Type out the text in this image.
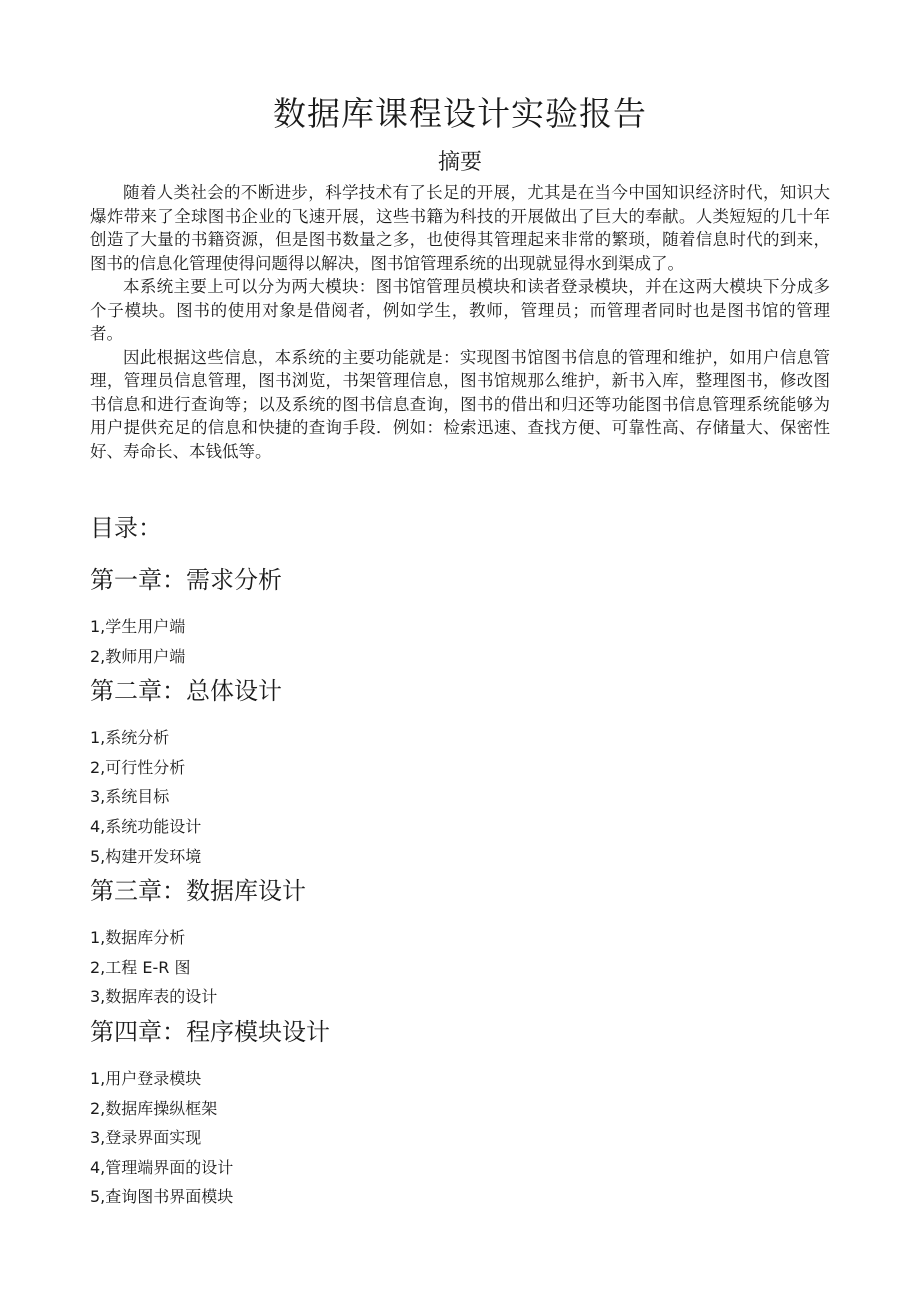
数据库课程设计实验报告
摘要

随着人类社会的不断进步，科学技术有了长足的开展，尤其是在当今中国知识经济时代，知识大爆炸带来了全球图书企业的飞速开展，这些书籍为科技的开展做出了巨大的奉献。人类短短的几十年创造了大量的书籍资源，但是图书数量之多，也使得其管理起来非常的繁琐，随着信息时代的到来，图书的信息化管理使得问题得以解决，图书馆管理系统的出现就显得水到渠成了。

本系统主要上可以分为两大模块：图书馆管理员模块和读者登录模块，并在这两大模块下分成多个子模块。图书的使用对象是借阅者，例如学生，教师，管理员；而管理者同时也是图书馆的管理者。

因此根据这些信息，本系统的主要功能就是：实现图书馆图书信息的管理和维护，如用户信息管理，管理员信息管理，图书浏览，书架管理信息，图书馆规那么维护，新书入库，整理图书，修改图书信息和进行查询等；以及系统的图书信息查询，图书的借出和归还等功能图书信息管理系统能够为用户提供充足的信息和快捷的查询手段．例如：检索迅速、查找方便、可靠性高、存储量大、保密性好、寿命长、本钱低等。

目录：
第一章：需求分析
1,学生用户端
2,教师用户端
第二章：总体设计
1,系统分析
2,可行性分析
3,系统目标
4,系统功能设计
5,构建开发环境
第三章：数据库设计
1,数据库分析
2,工程 E-R 图
3,数据库表的设计
第四章：程序模块设计
1,用户登录模块
2,数据库操纵框架
3,登录界面实现
4,管理端界面的设计
5,查询图书界面模块
